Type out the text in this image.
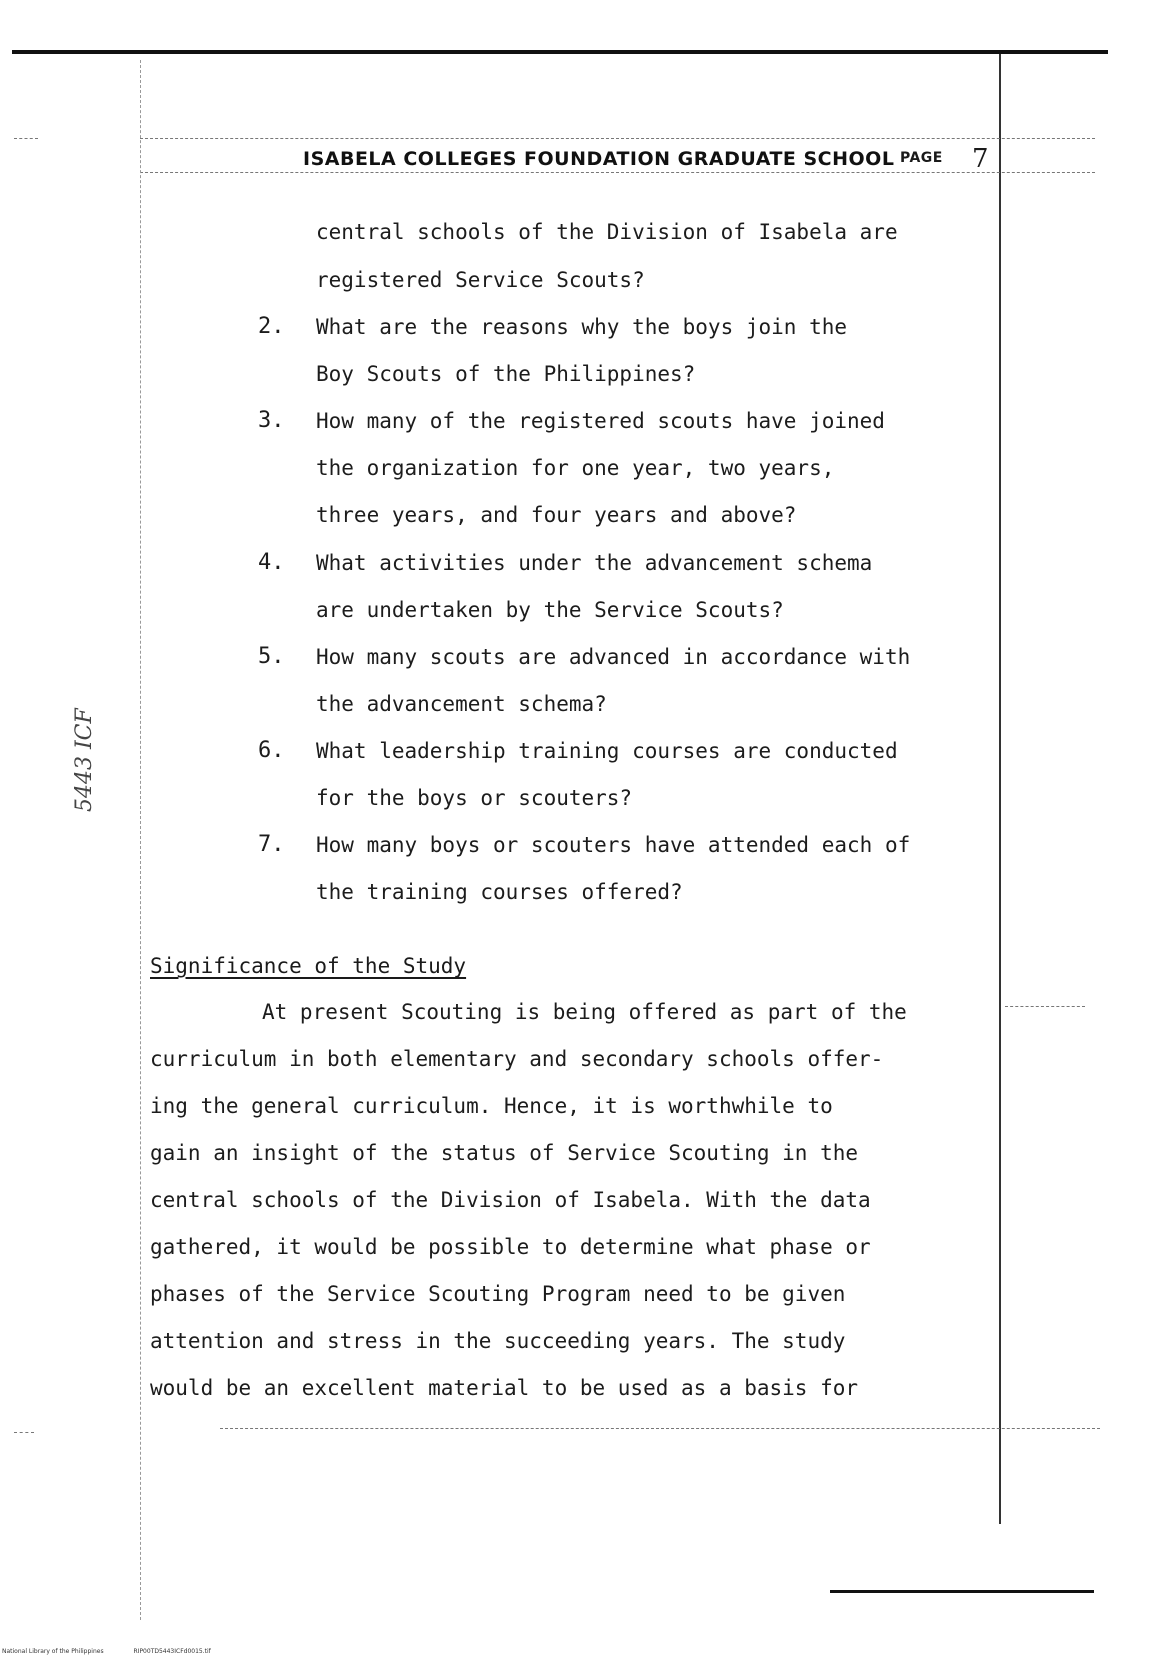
ISABELA COLLEGES FOUNDATION GRADUATE SCHOOL PAGE 7
central schools of the Division of Isabela are
registered Service Scouts?
2. What are the reasons why the boys join the
Boy Scouts of the Philippines?
3. How many of the registered scouts have joined
the organization for one year, two years,
three years, and four years and above?
4. What activities under the advancement schema
are undertaken by the Service Scouts?
5. How many scouts are advanced in accordance with
the advancement schema?
6. What leadership training courses are conducted
for the boys or scouters?
7. How many boys or scouters have attended each of
the training courses offered?
Significance of the Study
At present Scouting is being offered as part of the
curriculum in both elementary and secondary schools offer-
ing the general curriculum. Hence, it is worthwhile to
gain an insight of the status of Service Scouting in the
central schools of the Division of Isabela. With the data
gathered, it would be possible to determine what phase or
phases of the Service Scouting Program need to be given
attention and stress in the succeeding years. The study
would be an excellent material to be used as a basis for
5443 ICF
National Library of the Philippines	RIP00TD5443ICFd0015.tif
